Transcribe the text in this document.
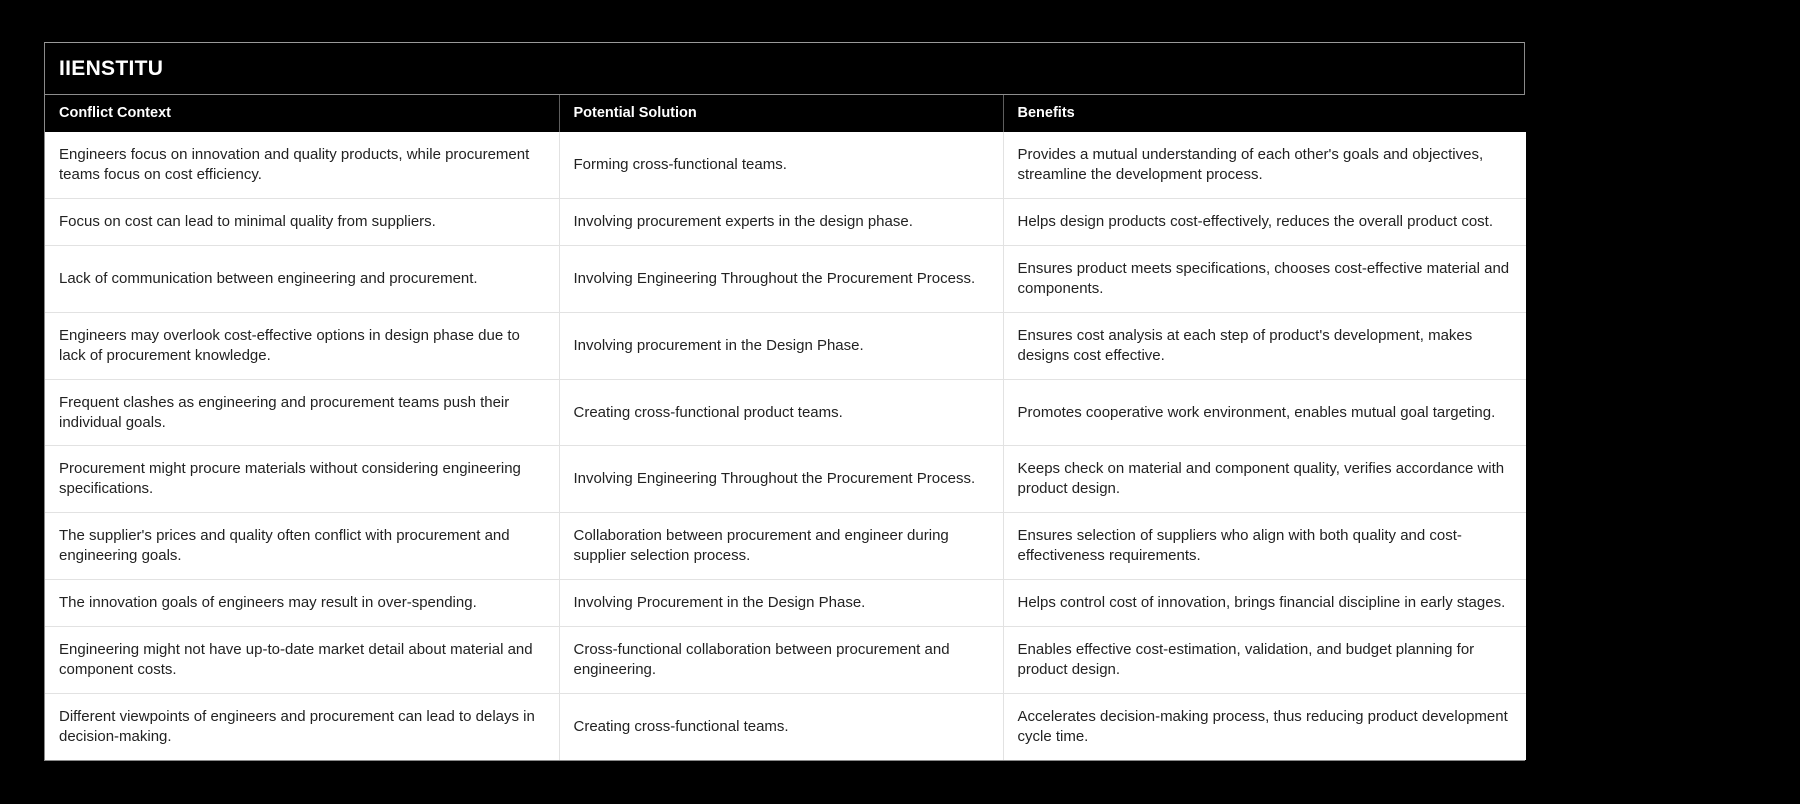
IIENSTITU
Conflict Context	Potential Solution	Benefits
Engineers focus on innovation and quality products, while procurement teams focus on cost efficiency.	Forming cross-functional teams.	Provides a mutual understanding of each other's goals and objectives, streamline the development process.
Focus on cost can lead to minimal quality from suppliers.	Involving procurement experts in the design phase.	Helps design products cost-effectively, reduces the overall product cost.
Lack of communication between engineering and procurement.	Involving Engineering Throughout the Procurement Process.	Ensures product meets specifications, chooses cost-effective material and components.
Engineers may overlook cost-effective options in design phase due to lack of procurement knowledge.	Involving procurement in the Design Phase.	Ensures cost analysis at each step of product's development, makes designs cost effective.
Frequent clashes as engineering and procurement teams push their individual goals.	Creating cross-functional product teams.	Promotes cooperative work environment, enables mutual goal targeting.
Procurement might procure materials without considering engineering specifications.	Involving Engineering Throughout the Procurement Process.	Keeps check on material and component quality, verifies accordance with product design.
The supplier's prices and quality often conflict with procurement and engineering goals.	Collaboration between procurement and engineer during supplier selection process.	Ensures selection of suppliers who align with both quality and cost-effectiveness requirements.
The innovation goals of engineers may result in over-spending.	Involving Procurement in the Design Phase.	Helps control cost of innovation, brings financial discipline in early stages.
Engineering might not have up-to-date market detail about material and component costs.	Cross-functional collaboration between procurement and engineering.	Enables effective cost-estimation, validation, and budget planning for product design.
Different viewpoints of engineers and procurement can lead to delays in decision-making.	Creating cross-functional teams.	Accelerates decision-making process, thus reducing product development cycle time.
